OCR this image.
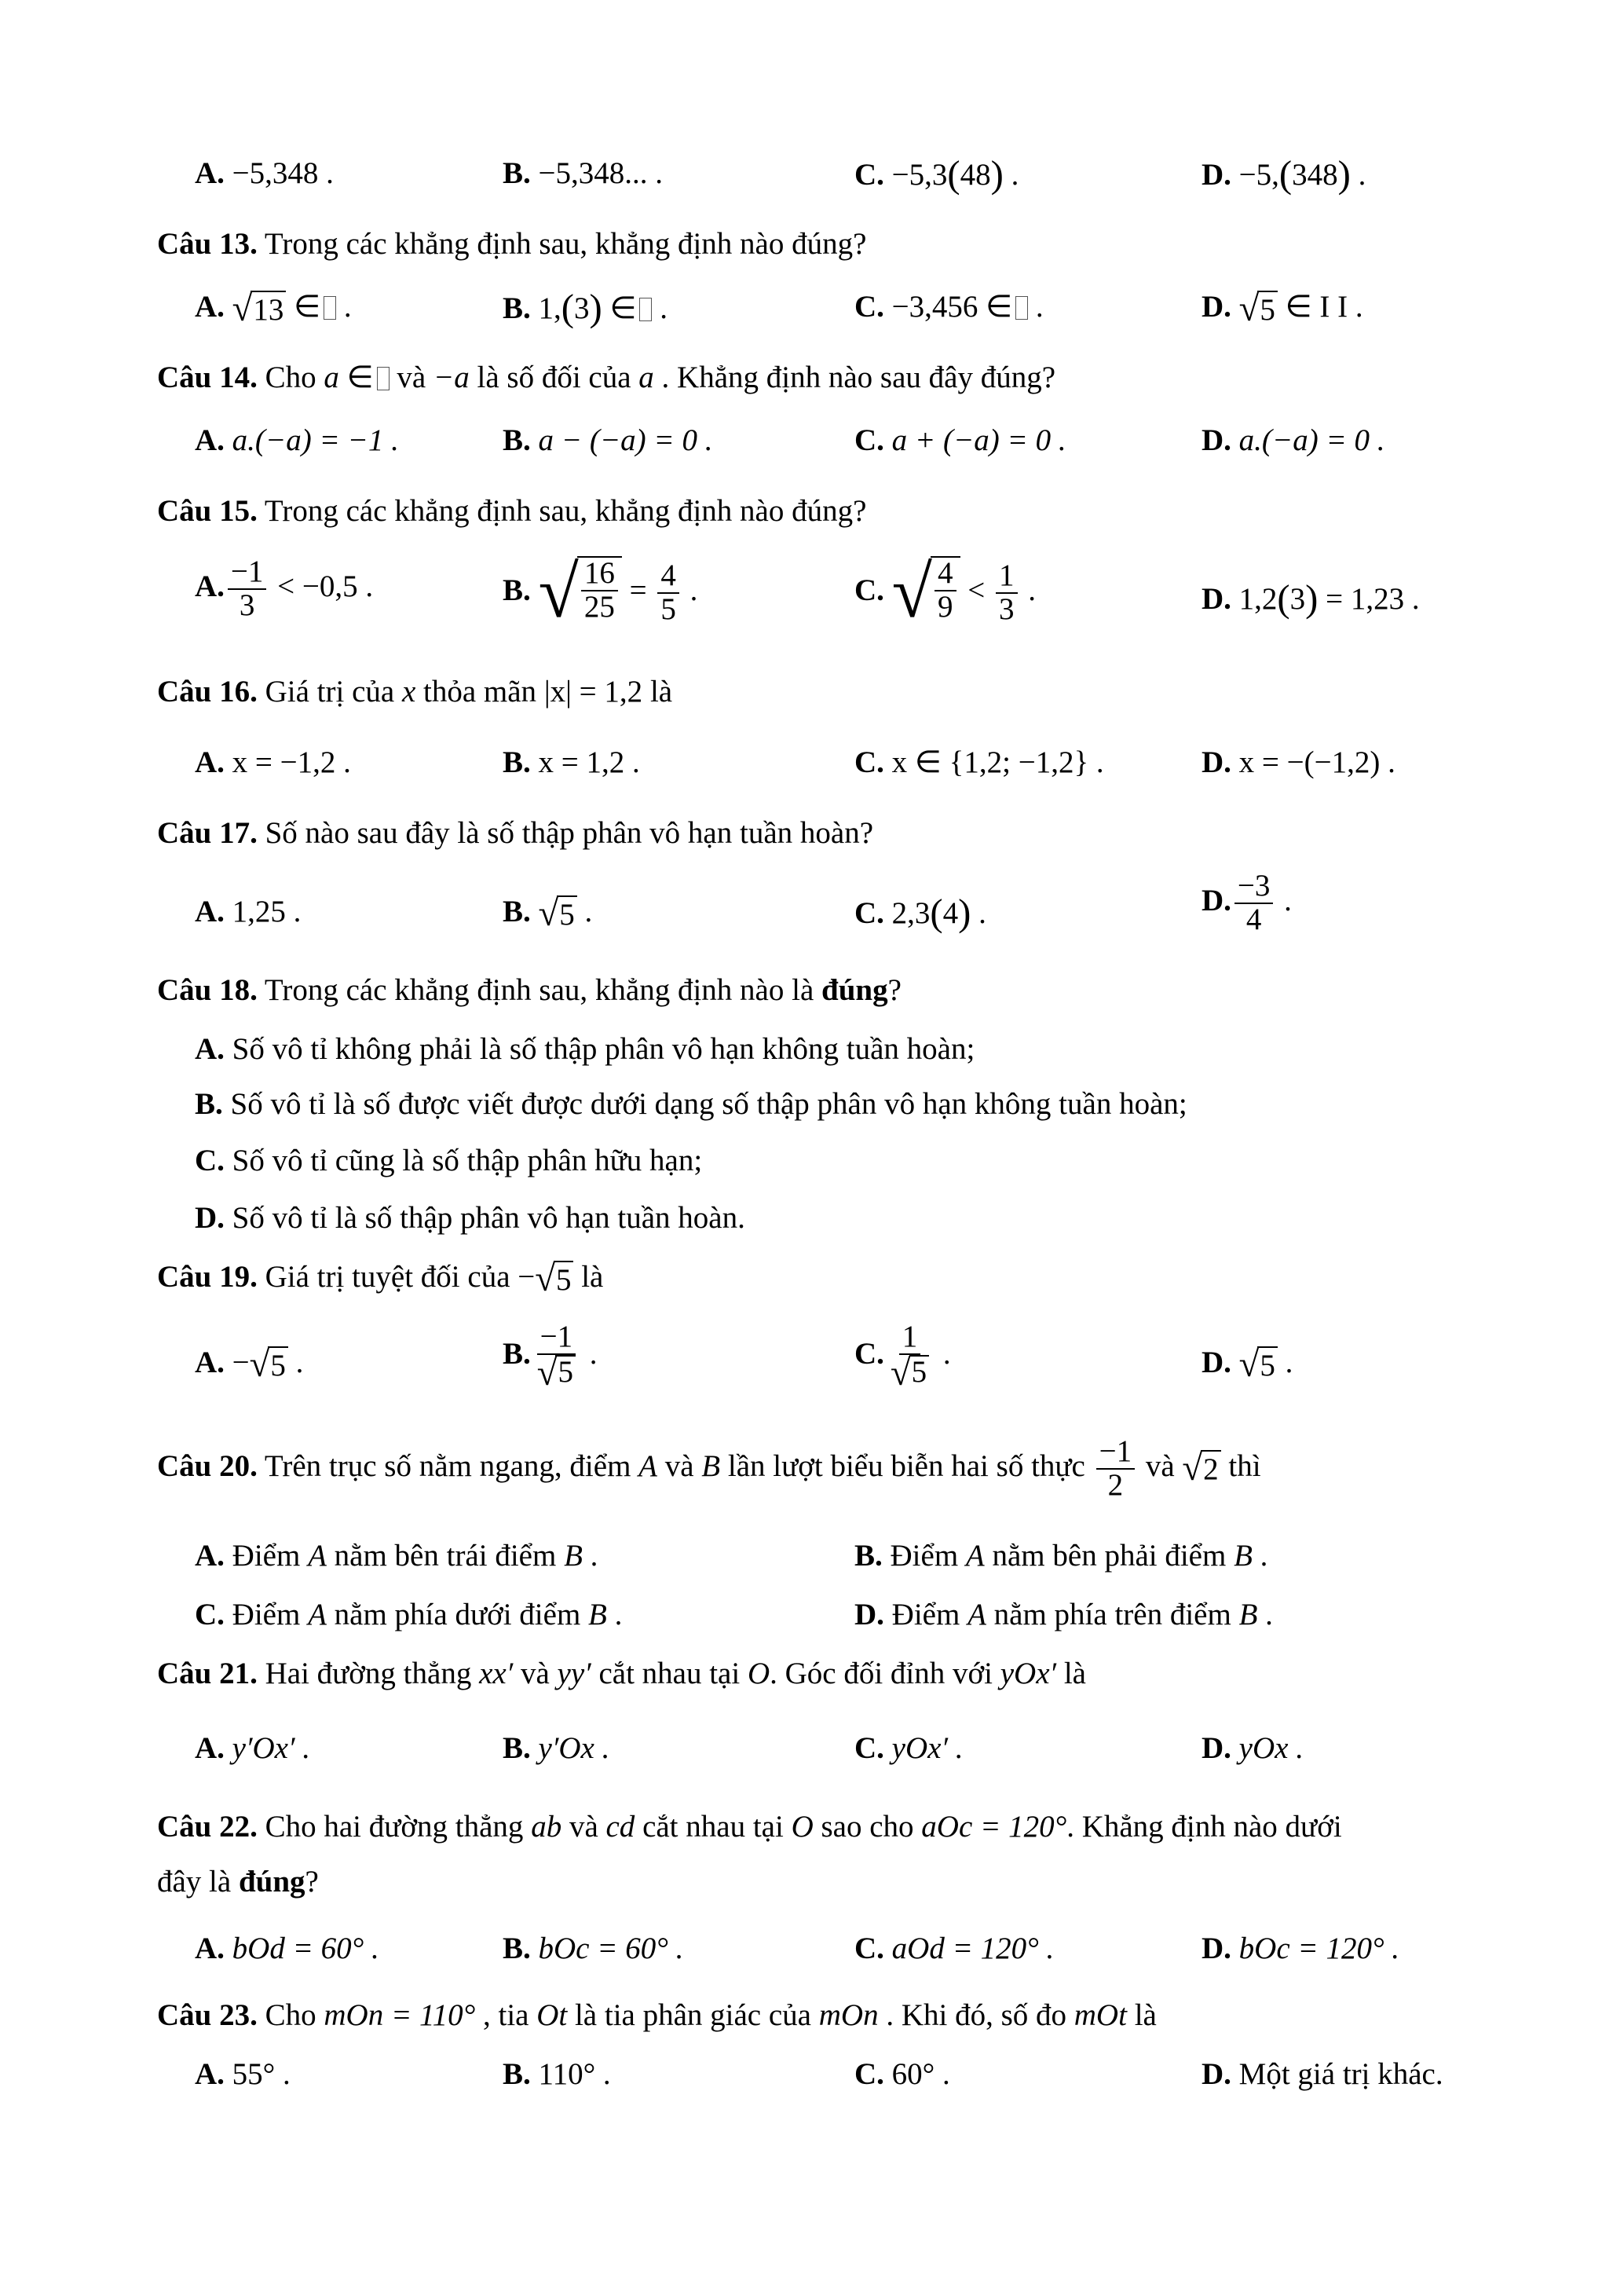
A. −5,348 .	B. −5,348... .	C. −5,3(48) .	D. −5,(348) .
Câu 13. Trong các khẳng định sau, khẳng định nào đúng?
A. √ 13 ∈ .	B. 1,(3) ∈ .	C. −3,456 ∈ .	D. √ 5 ∈ I I .
Câu 14. Cho a ∈ và −a là số đối của a . Khẳng định nào sau đây đúng?
A. a.(−a) = −1 .	B. a − (−a) = 0 .	C. a + (−a) = 0 .	D. a.(−a) = 0 .
Câu 15. Trong các khẳng định sau, khẳng định nào đúng?
A. $\frac{-1}{3} < -0,5$ .	B. √ $\frac{16}{25} = \frac{4}{5}$ .	C. √ $\frac{4}{9} < \frac{1}{3}$ .	D. 1,2(3) = 1,23 .
Câu 16. Giá trị của x thỏa mãn |x| = 1,2 là
A. x = −1,2 .	B. x = 1,2 .	C. x ∈ {1,2; −1,2} .	D. x = −(−1,2) .
Câu 17. Số nào sau đây là số thập phân vô hạn tuần hoàn?
A. 1,25 .	B. √ 5 .	C. 2,3(4) .	D. $\frac{-3}{4}$ .
Câu 18. Trong các khẳng định sau, khẳng định nào là đúng?
A. Số vô tỉ không phải là số thập phân vô hạn không tuần hoàn;
B. Số vô tỉ là số được viết được dưới dạng số thập phân vô hạn không tuần hoàn;
C. Số vô tỉ cũng là số thập phân hữu hạn;
D. Số vô tỉ là số thập phân vô hạn tuần hoàn.
Câu 19. Giá trị tuyệt đối của − √ 5 là
A. − √ 5 .	B. $\frac{-1}{√ 5}$ .	C. $\frac{1}{√ 5}$ .	D. √ 5 .
Câu 20. Trên trục số nằm ngang, điểm A và B lần lượt biểu biễn hai số thực $\frac{-1}{2}$ và √ 2 thì
A. Điểm A nằm bên trái điểm B .	B. Điểm A nằm bên phải điểm B .
C. Điểm A nằm phía dưới điểm B .	D. Điểm A nằm phía trên điểm B .
Câu 21. Hai đường thẳng xx′ và yy′ cắt nhau tại O. Góc đối đỉnh với yOx′ là
A. y′Ox′ .	B. y′Ox .	C. yOx′ .	D. yOx .
Câu 22. Cho hai đường thẳng ab và cd cắt nhau tại O sao cho aOc = 120°. Khẳng định nào dưới
đây là đúng?
A. bOd = 60° .	B. bOc = 60° .	C. aOd = 120° .	D. bOc = 120° .
Câu 23. Cho mOn = 110° , tia Ot là tia phân giác của mOn . Khi đó, số đo mOt là
A. 55° .	B. 110° .	C. 60° .	D. Một giá trị khác.
